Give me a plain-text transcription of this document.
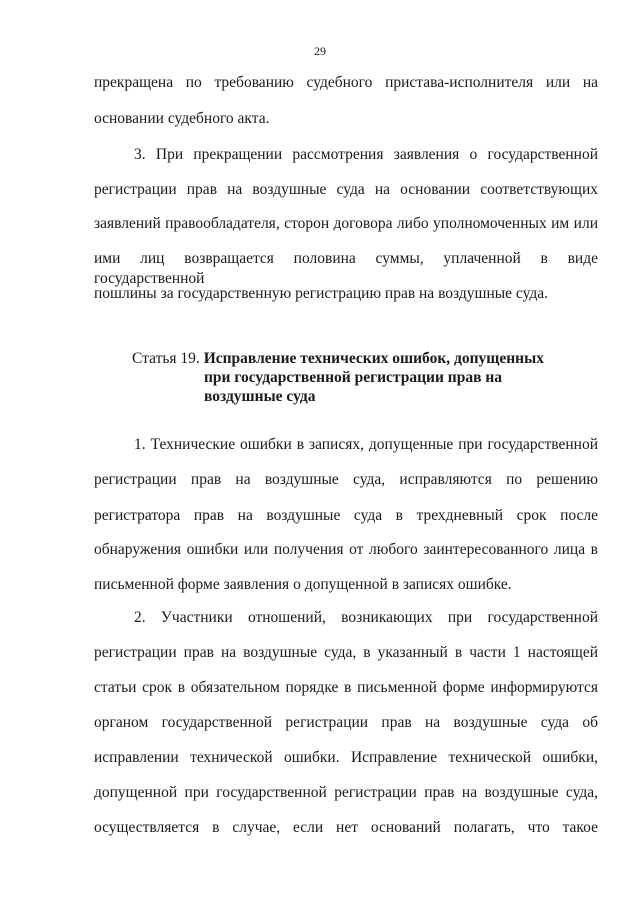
29
прекращена по требованию судебного пристава-исполнителя или на
основании судебного акта.
3. При прекращении рассмотрения заявления о государственной
регистрации прав на воздушные суда на основании соответствующих
заявлений правообладателя, сторон договора либо уполномоченных им или
ими лиц возвращается половина суммы, уплаченной в виде государственной
пошлины за государственную регистрацию прав на воздушные суда.
Статья 19. Исправление технических ошибок, допущенных
при государственной регистрации прав на
воздушные суда
1. Технические ошибки в записях, допущенные при государственной
регистрации прав на воздушные суда, исправляются по решению
регистратора прав на воздушные суда в трехдневный срок после
обнаружения ошибки или получения от любого заинтересованного лица в
письменной форме заявления о допущенной в записях ошибке.
2. Участники отношений, возникающих при государственной
регистрации прав на воздушные суда, в указанный в части 1 настоящей
статьи срок в обязательном порядке в письменной форме информируются
органом государственной регистрации прав на воздушные суда об
исправлении технической ошибки. Исправление технической ошибки,
допущенной при государственной регистрации прав на воздушные суда,
осуществляется в случае, если нет оснований полагать, что такое
